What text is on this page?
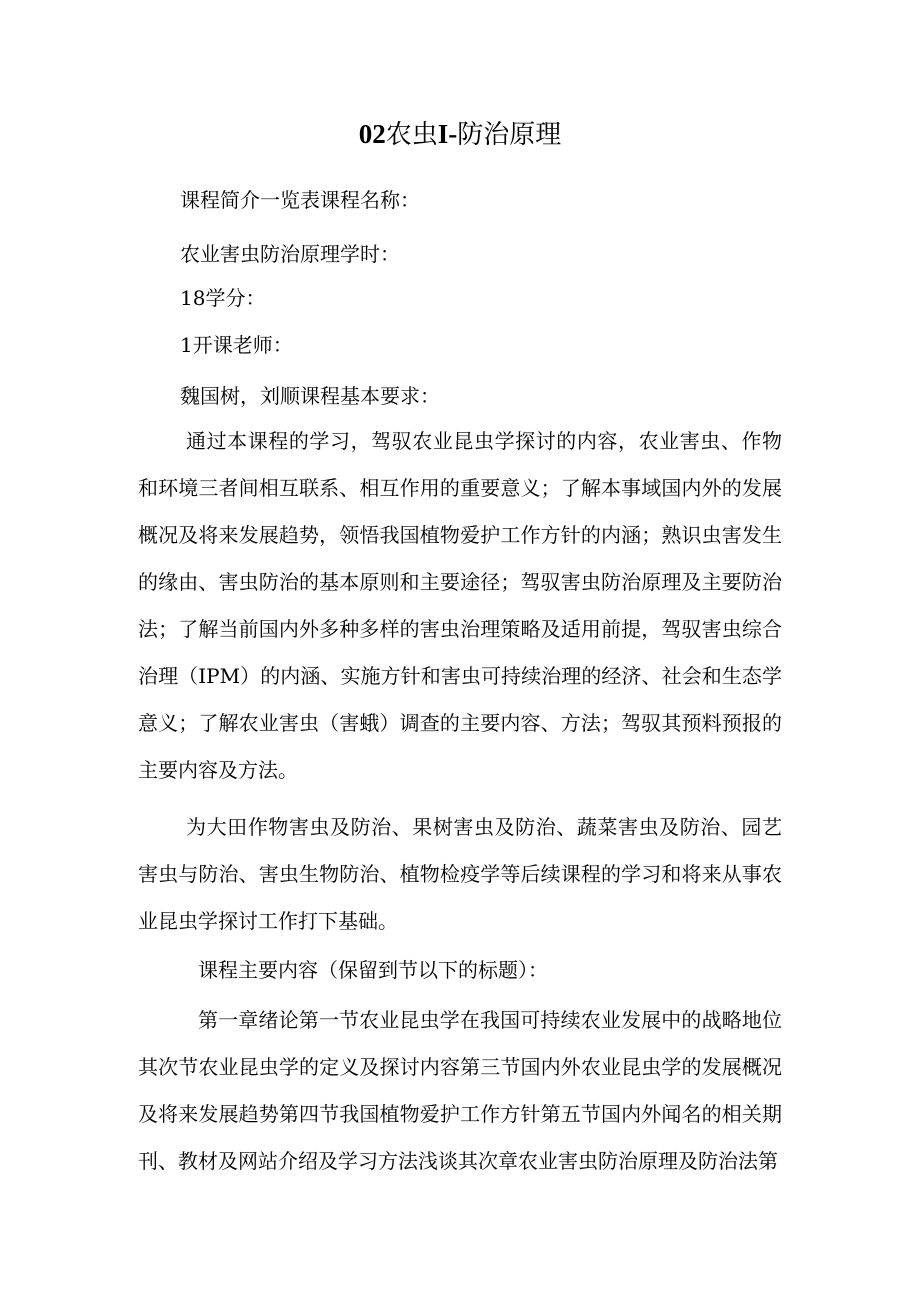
02农虫I-防治原理
课程简介一览表课程名称：
农业害虫防治原理学时：
18学分：
1开课老师：
魏国树，刘顺课程基本要求：

通过本课程的学习，驾驭农业昆虫学探讨的内容，农业害虫、作物和环境三者间相互联系、相互作用的重要意义；了解本事域国内外的发展概况及将来发展趋势，领悟我国植物爱护工作方针的内涵；熟识虫害发生的缘由、害虫防治的基本原则和主要途径；驾驭害虫防治原理及主要防治法；了解当前国内外多种多样的害虫治理策略及适用前提，驾驭害虫综合治理（IPM）的内涵、实施方针和害虫可持续治理的经济、社会和生态学意义；了解农业害虫（害蛾）调查的主要内容、方法；驾驭其预料预报的主要内容及方法。

为大田作物害虫及防治、果树害虫及防治、蔬菜害虫及防治、园艺害虫与防治、害虫生物防治、植物检疫学等后续课程的学习和将来从事农业昆虫学探讨工作打下基础。

课程主要内容（保留到节以下的标题）：

第一章绪论第一节农业昆虫学在我国可持续农业发展中的战略地位其次节农业昆虫学的定义及探讨内容第三节国内外农业昆虫学的发展概况及将来发展趋势第四节我国植物爱护工作方针第五节国内外闻名的相关期刊、教材及网站介绍及学习方法浅谈其次章农业害虫防治原理及防治法第
